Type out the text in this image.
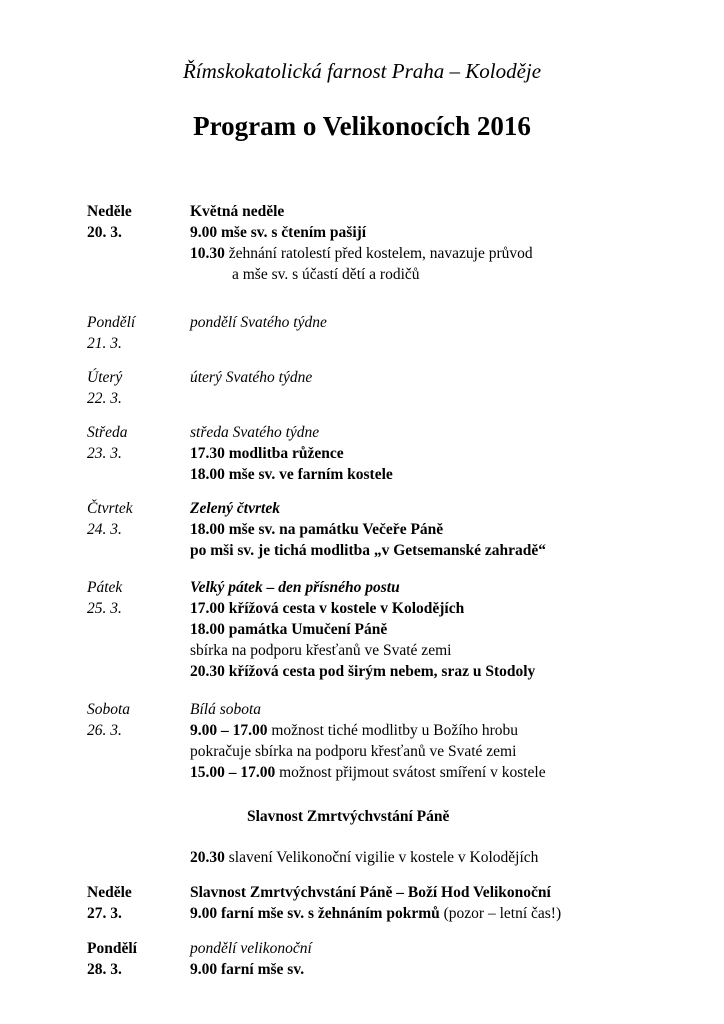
Římskokatolická farnost Praha – Koloděje
Program o Velikonocích 2016
Neděle
20. 3.
Květná neděle
9.00 mše sv. s čtením pašijí
10.30 žehnání ratolestí před kostelem, navazuje průvod
a mše sv. s účastí dětí a rodičů
Pondělí
21. 3.
pondělí Svatého týdne
Úterý
22. 3.
úterý Svatého týdne
Středa
23. 3.
středa Svatého týdne
17.30 modlitba růžence
18.00 mše sv. ve farním kostele
Čtvrtek
24. 3.
Zelený čtvrtek
18.00 mše sv. na památku Večeře Páně
po mši sv. je tichá modlitba „v Getsemanské zahradě“
Pátek
25. 3.
Velký pátek – den přísného postu
17.00 křížová cesta v kostele v Kolodějích
18.00 památka Umučení Páně
sbírka na podporu křesťanů ve Svaté zemi
20.30 křížová cesta pod širým nebem, sraz u Stodoly
Sobota
26. 3.
Bílá sobota
9.00 – 17.00 možnost tiché modlitby u Božího hrobu
pokračuje sbírka na podporu křesťanů ve Svaté zemi
15.00 – 17.00 možnost přijmout svátost smíření v kostele
Slavnost Zmrtvýchvstání Páně
20.30 slavení Velikonoční vigilie v kostele v Kolodějích
Neděle
27. 3.
Slavnost Zmrtvýchvstání Páně – Boží Hod Velikonoční
9.00 farní mše sv. s žehnáním pokrmů (pozor – letní čas!)
Pondělí
28. 3.
pondělí velikonoční
9.00 farní mše sv.
